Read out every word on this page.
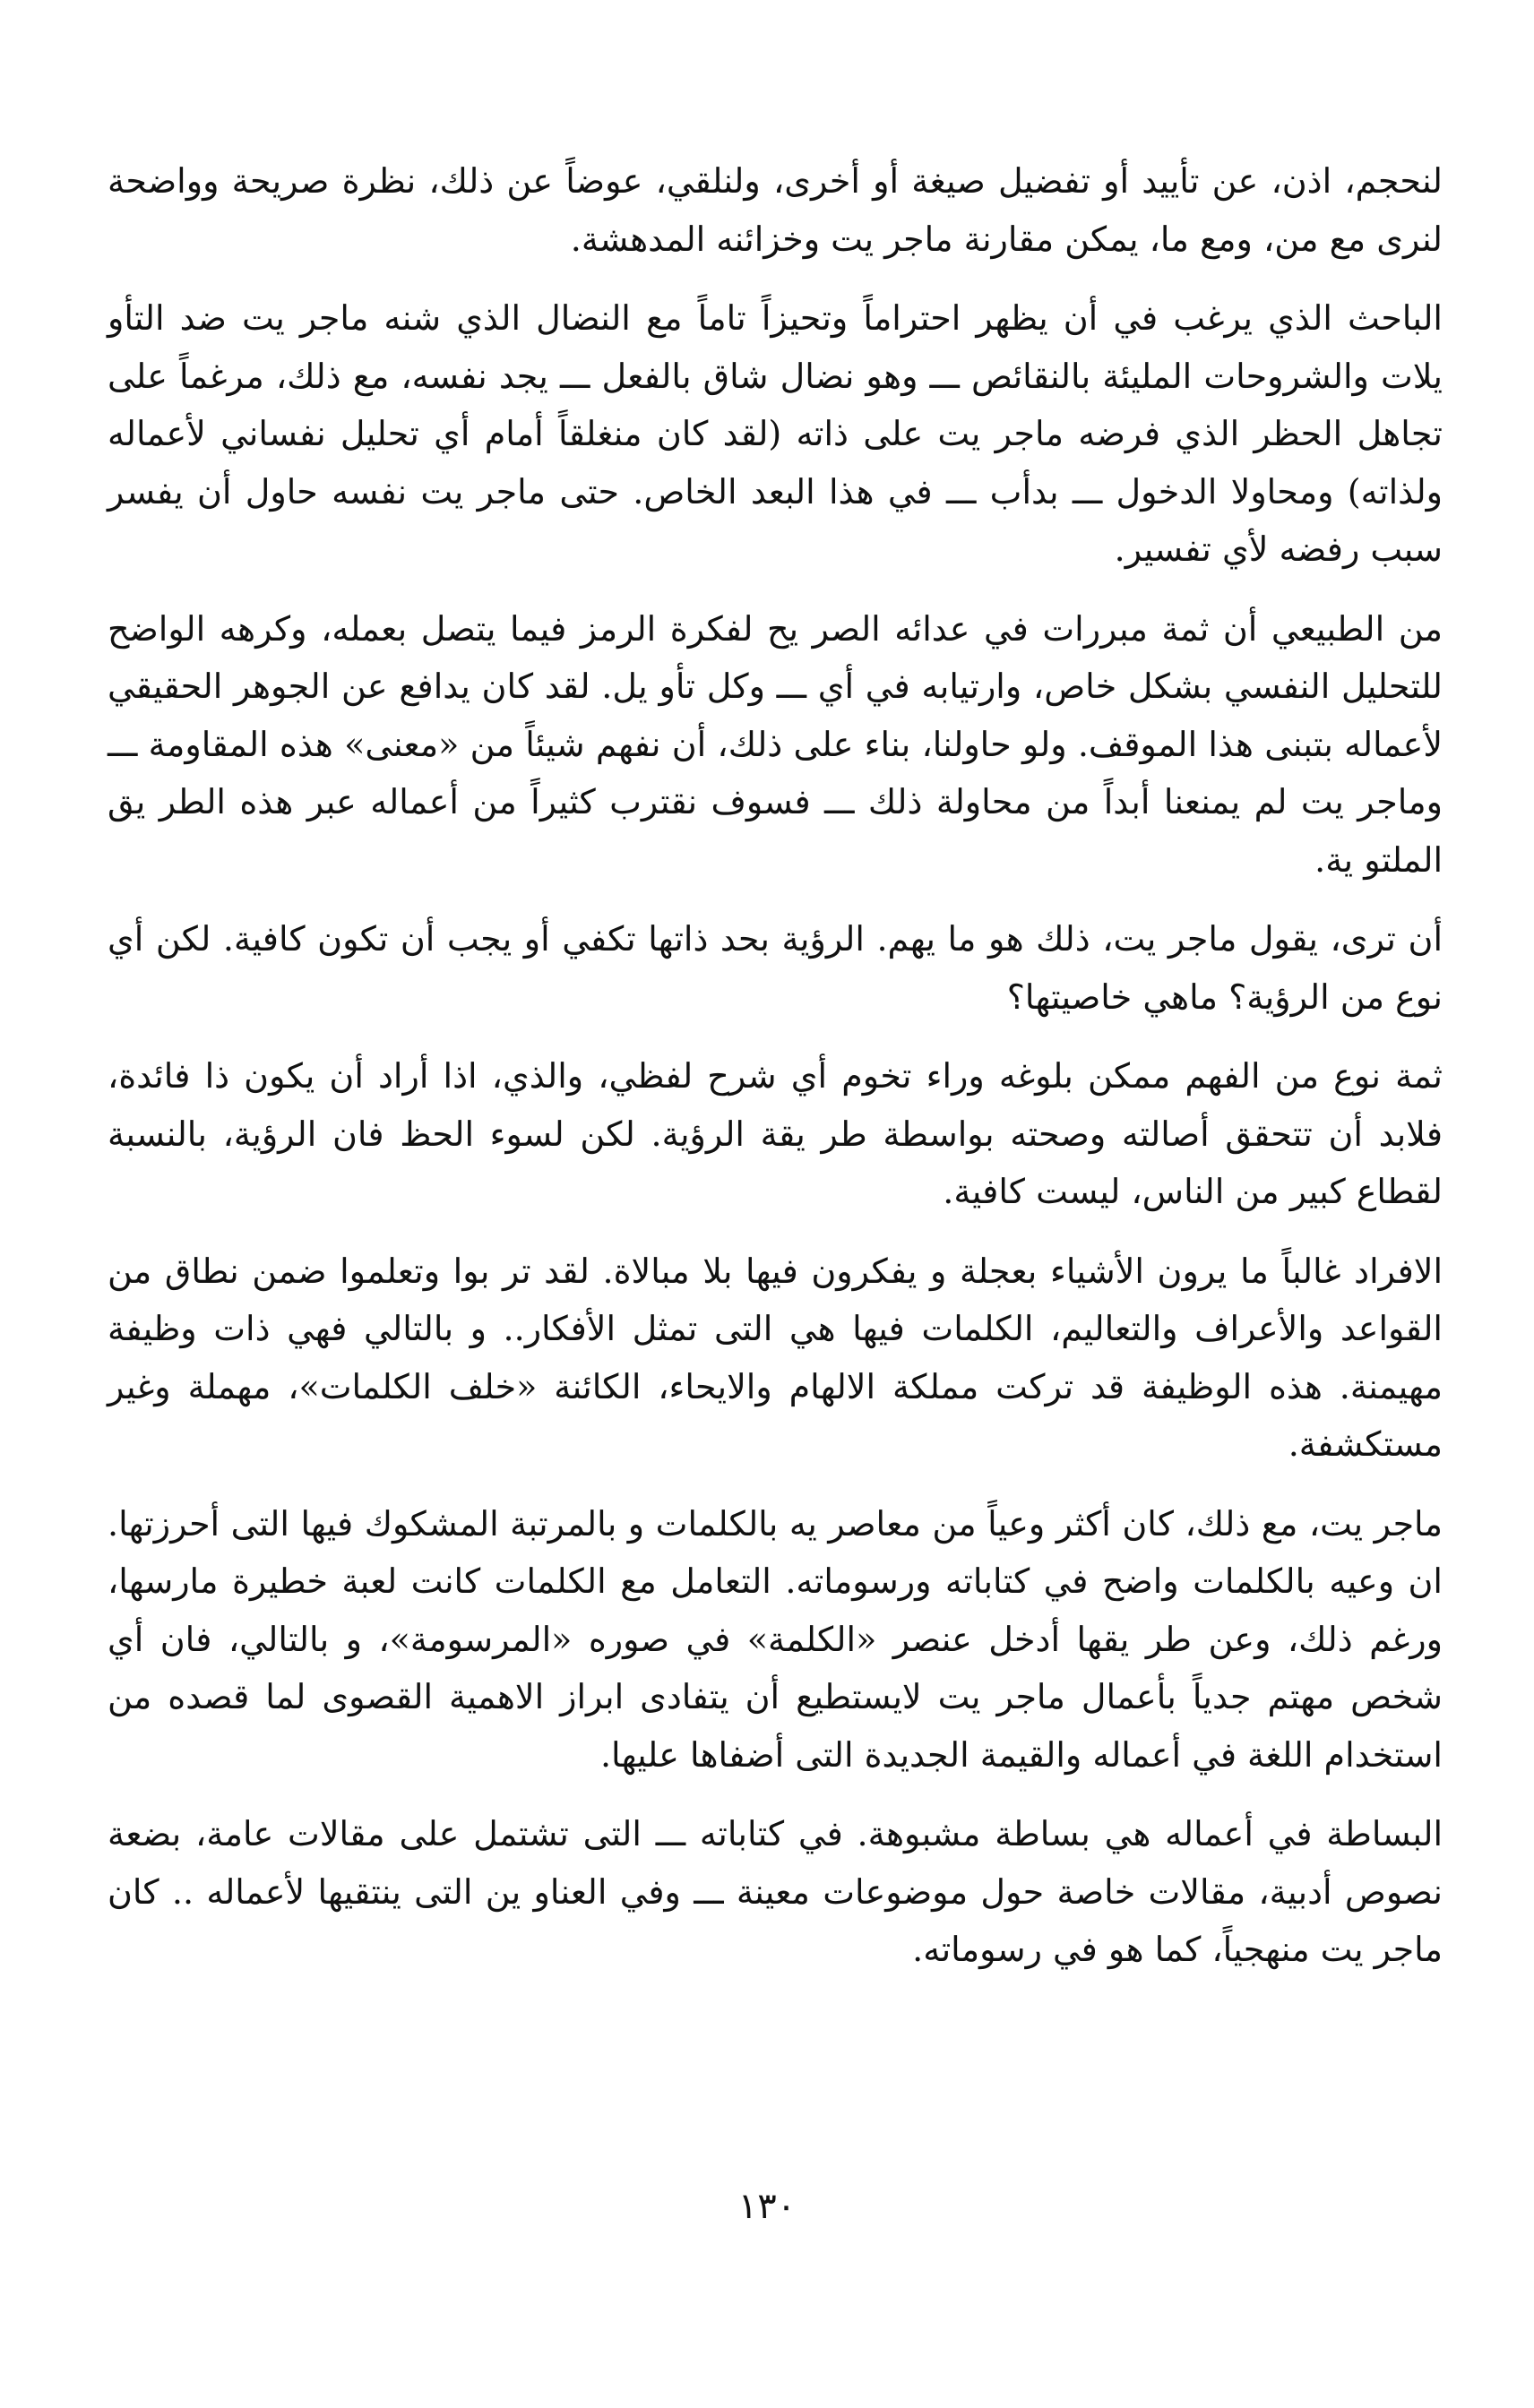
لنحجم، اذن، عن تأييد أو تفضيل صيغة أو أخرى، ولنلقي، عوضاً عن ذلك، نظرة صريحة وواضحة لنرى مع من، ومع ما، يمكن مقارنة ماجر يت وخزائنه المدهشة.

الباحث الذي يرغب في أن يظهر احتراماً وتحيزاً تاماً مع النضال الذي شنه ماجر يت ضد التأو يلات والشروحات المليئة بالنقائص ـــ وهو نضال شاق بالفعل ـــ يجد نفسه، مع ذلك، مرغماً على تجاهل الحظر الذي فرضه ماجر يت على ذاته (لقد كان منغلقاً أمام أي تحليل نفساني لأعماله ولذاته) ومحاولا الدخول ـــ بدأب ـــ في هذا البعد الخاص. حتى ماجر يت نفسه حاول أن يفسر سبب رفضه لأي تفسير.

من الطبيعي أن ثمة مبررات في عدائه الصر يح لفكرة الرمز فيما يتصل بعمله، وكرهه الواضح للتحليل النفسي بشكل خاص، وارتيابه في أي ـــ وكل تأو يل. لقد كان يدافع عن الجوهر الحقيقي لأعماله بتبنى هذا الموقف. ولو حاولنا، بناء على ذلك، أن نفهم شيئاً من «معنى» هذه المقاومة ـــ وماجر يت لم يمنعنا أبداً من محاولة ذلك ـــ فسوف نقترب كثيراً من أعماله عبر هذه الطر يق الملتو ية.

أن ترى، يقول ماجر يت، ذلك هو ما يهم. الرؤية بحد ذاتها تكفي أو يجب أن تكون كافية. لكن أي نوع من الرؤية؟ ماهي خاصيتها؟

ثمة نوع من الفهم ممكن بلوغه وراء تخوم أي شرح لفظي، والذي، اذا أراد أن يكون ذا فائدة، فلابد أن تتحقق أصالته وصحته بواسطة طر يقة الرؤية. لكن لسوء الحظ فان الرؤية، بالنسبة لقطاع كبير من الناس، ليست كافية.

الافراد غالباً ما يرون الأشياء بعجلة و يفكرون فيها بلا مبالاة. لقد تر بوا وتعلموا ضمن نطاق من القواعد والأعراف والتعاليم، الكلمات فيها هي التى تمثل الأفكار.. و بالتالي فهي ذات وظيفة مهيمنة. هذه الوظيفة قد تركت مملكة الالهام والايحاء، الكائنة «خلف الكلمات»، مهملة وغير مستكشفة.

ماجر يت، مع ذلك، كان أكثر وعياً من معاصر يه بالكلمات و بالمرتبة المشكوك فيها التى أحرزتها. ان وعيه بالكلمات واضح في كتاباته ورسوماته. التعامل مع الكلمات كانت لعبة خطيرة مارسها، ورغم ذلك، وعن طر يقها أدخل عنصر «الكلمة» في صوره «المرسومة»، و بالتالي، فان أي شخص مهتم جدياً بأعمال ماجر يت لايستطيع أن يتفادى ابراز الاهمية القصوى لما قصده من استخدام اللغة في أعماله والقيمة الجديدة التى أضفاها عليها.

البساطة في أعماله هي بساطة مشبوهة. في كتاباته ـــ التى تشتمل على مقالات عامة، بضعة نصوص أدبية، مقالات خاصة حول موضوعات معينة ـــ وفي العناو ين التى ينتقيها لأعماله .. كان ماجر يت منهجياً، كما هو في رسوماته.

١٣٠
